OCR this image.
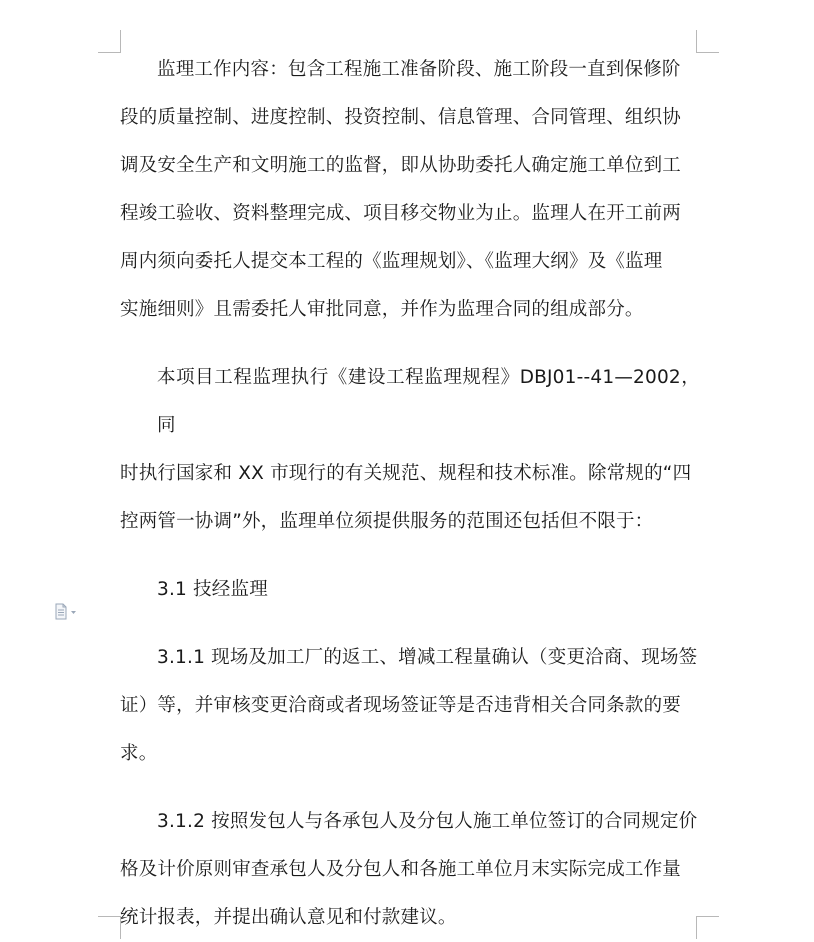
监理工作内容：包含工程施工准备阶段、施工阶段一直到保修阶
段的质量控制、进度控制、投资控制、信息管理、合同管理、组织协
调及安全生产和文明施工的监督，即从协助委托人确定施工单位到工
程竣工验收、资料整理完成、项目移交物业为止。监理人在开工前两
周内须向委托人提交本工程的《监理规划》、《监理大纲》及《监理
实施细则》且需委托人审批同意，并作为监理合同的组成部分。

本项目工程监理执行《建设工程监理规程》DBJ01--41—2002，同
时执行国家和 XX 市现行的有关规范、规程和技术标准。除常规的“四
控两管一协调”外，监理单位须提供服务的范围还包括但不限于：

3.1 技经监理

3.1.1 现场及加工厂的返工、增减工程量确认（变更洽商、现场签
证）等，并审核变更洽商或者现场签证等是否违背相关合同条款的要
求。

3.1.2 按照发包人与各承包人及分包人施工单位签订的合同规定价
格及计价原则审查承包人及分包人和各施工单位月末实际完成工作量
统计报表，并提出确认意见和付款建议。
